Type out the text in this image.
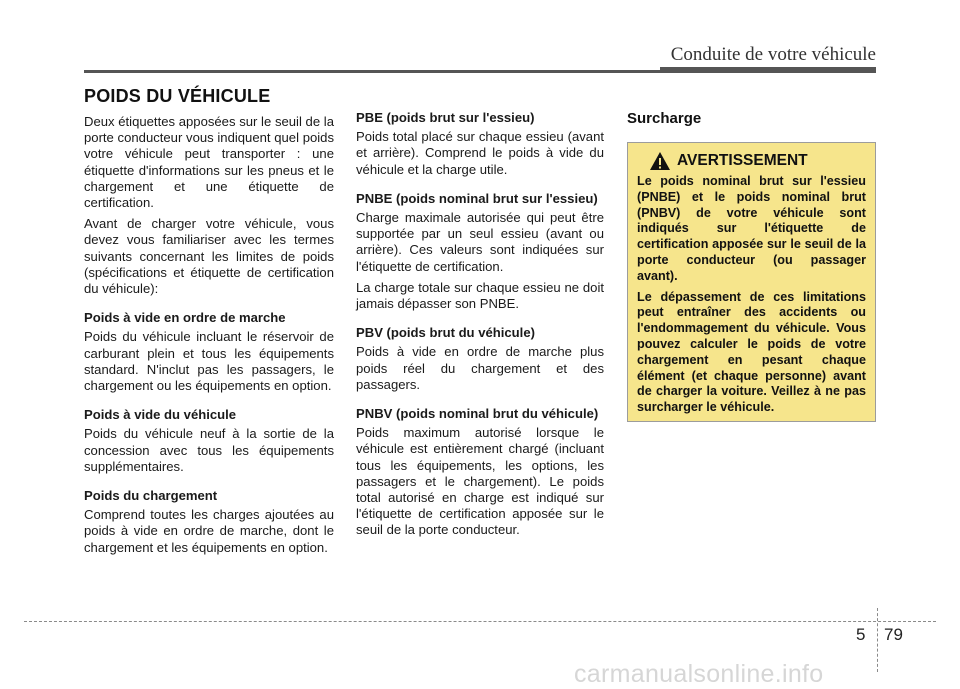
Conduite de votre véhicule
POIDS DU VÉHICULE

Deux étiquettes apposées sur le seuil de la porte conducteur vous indiquent quel poids votre véhicule peut transporter : une étiquette d'informations sur les pneus et le chargement et une étiquette de certification.

Avant de charger votre véhicule, vous devez vous familiariser avec les termes suivants concernant les limites de poids (spécifications et étiquette de certification du véhicule):

Poids à vide en ordre de marche

Poids du véhicule incluant le réservoir de carburant plein et tous les équipements standard. N'inclut pas les passagers, le chargement ou les équipements en option.

Poids à vide du véhicule

Poids du véhicule neuf à la sortie de la concession avec tous les équipements supplémentaires.

Poids du chargement

Comprend toutes les charges ajoutées au poids à vide en ordre de marche, dont le chargement et les équipements en option.

PBE (poids brut sur l'essieu)

Poids total placé sur chaque essieu (avant et arrière). Comprend le poids à vide du véhicule et la charge utile.

PNBE (poids nominal brut sur l'essieu)

Charge maximale autorisée qui peut être supportée par un seul essieu (avant ou arrière). Ces valeurs sont indiquées sur l'étiquette de certification.

La charge totale sur chaque essieu ne doit jamais dépasser son PNBE.

PBV (poids brut du véhicule)

Poids à vide en ordre de marche plus poids réel du chargement et des passagers.

PNBV (poids nominal brut du véhicule)

Poids maximum autorisé lorsque le véhicule est entièrement chargé (incluant tous les équipements, les options, les passagers et le chargement). Le poids total autorisé en charge est indiqué sur l'étiquette de certification apposée sur le seuil de la porte conducteur.

Surcharge
AVERTISSEMENT

Le poids nominal brut sur l'essieu (PNBE) et le poids nominal brut (PNBV) de votre véhicule sont indiqués sur l'étiquette de certification apposée sur le seuil de la porte conducteur (ou passager avant).

Le dépassement de ces limitations peut entraîner des accidents ou l'endommagement du véhicule. Vous pouvez calculer le poids de votre chargement en pesant chaque élément (et chaque personne) avant de charger la voiture. Veillez à ne pas surcharger le véhicule.

5 79
carmanualsonline.info
